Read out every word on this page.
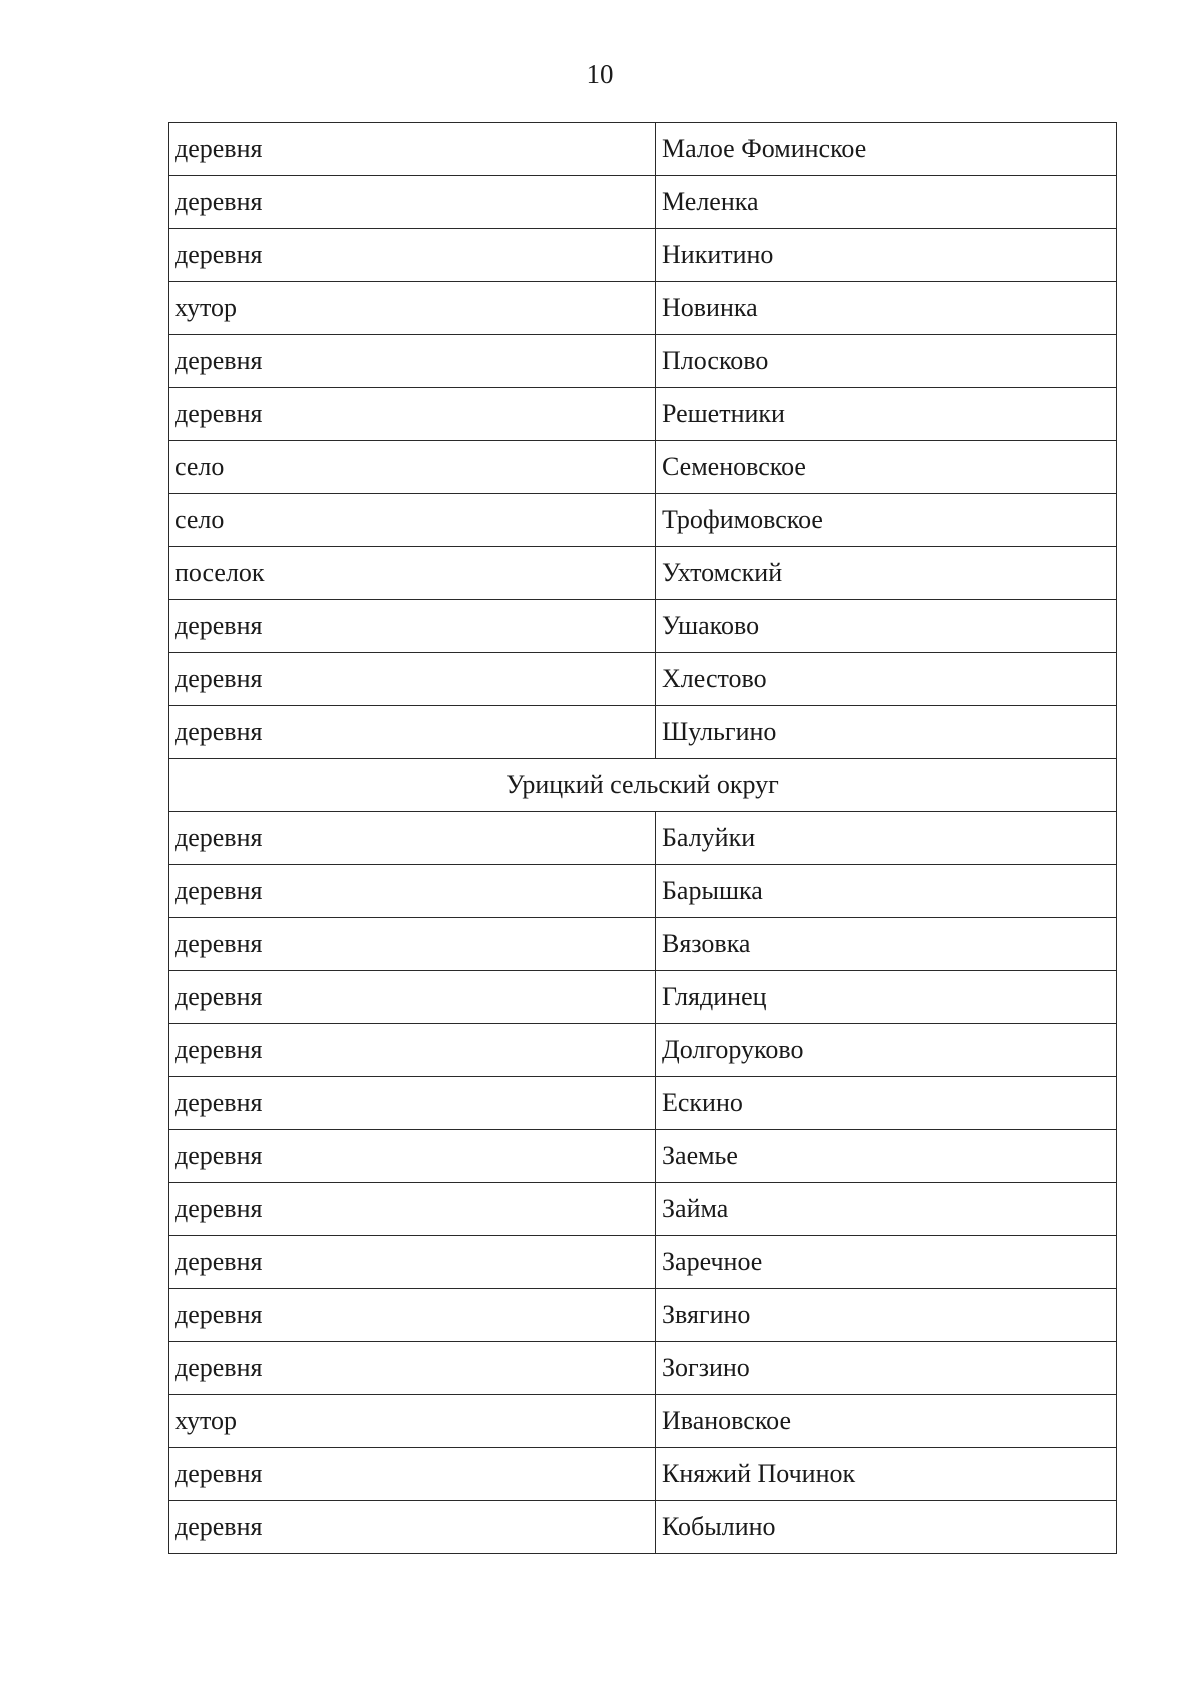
10
деревня	Малое Фоминское
деревня	Меленка
деревня	Никитино
хутор	Новинка
деревня	Плосково
деревня	Решетники
село	Семеновское
село	Трофимовское
поселок	Ухтомский
деревня	Ушаково
деревня	Хлестово
деревня	Шульгино
Урицкий сельский округ	
деревня	Балуйки
деревня	Барышка
деревня	Вязовка
деревня	Глядинец
деревня	Долгоруково
деревня	Ескино
деревня	Заемье
деревня	Займа
деревня	Заречное
деревня	Звягино
деревня	Зогзино
хутор	Ивановское
деревня	Княжий Починок
деревня	Кобылино
